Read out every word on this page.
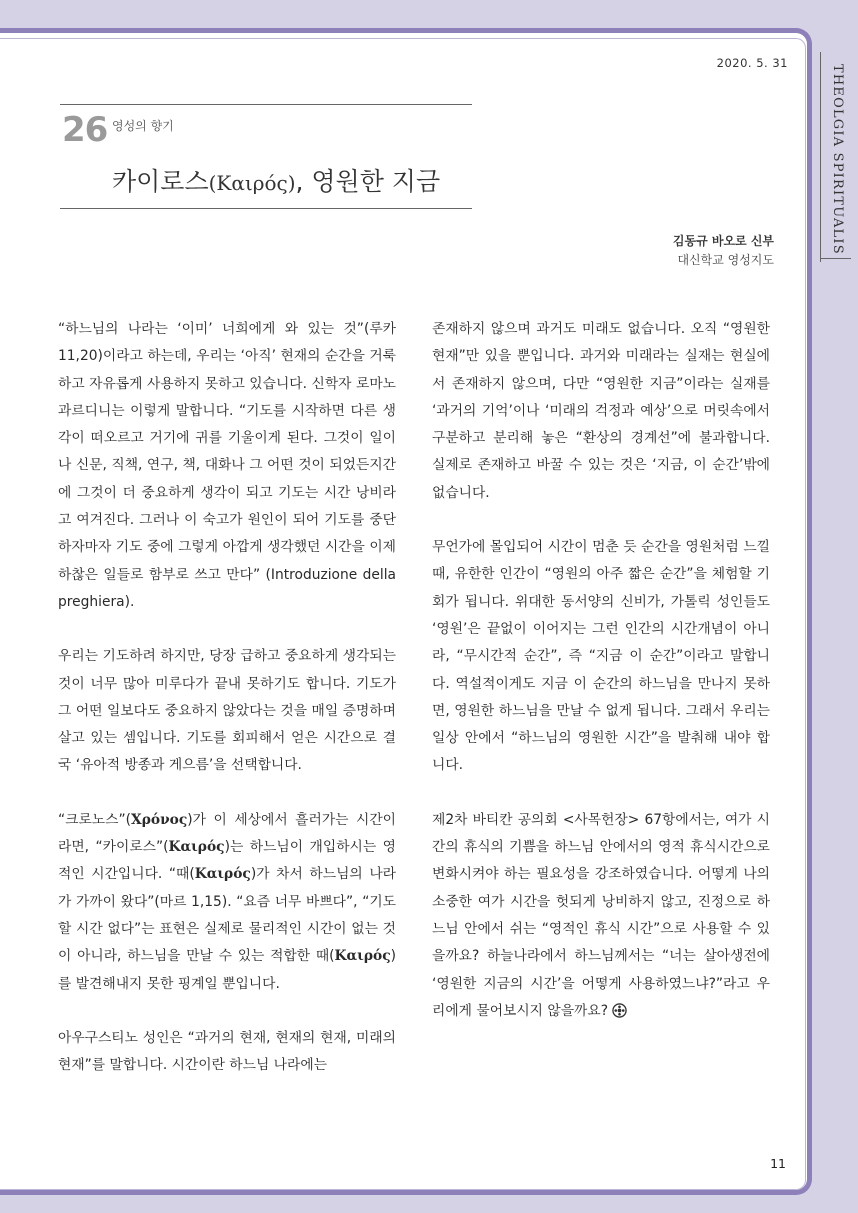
2020. 5. 31
THEOLGIA SPIRITUALIS
26 영성의 향기
카이로스(Καιρός), 영원한 지금
김동규 바오로 신부
대신학교 영성지도

“하느님의 나라는 ‘이미’ 너희에게 와 있는 것”(루카 11,20)이라고 하는데, 우리는 ‘아직’ 현재의 순간을 거룩하고 자유롭게 사용하지 못하고 있습니다. 신학자 로마노 과르디니는 이렇게 말합니다. “기도를 시작하면 다른 생각이 떠오르고 거기에 귀를 기울이게 된다. 그것이 일이나 신문, 직책, 연구, 책, 대화나 그 어떤 것이 되었든지간에 그것이 더 중요하게 생각이 되고 기도는 시간 낭비라고 여겨진다. 그러나 이 숙고가 원인이 되어 기도를 중단하자마자 기도 중에 그렇게 아깝게 생각했던 시간을 이제 하찮은 일들로 함부로 쓰고 만다” (Introduzione della preghiera).

우리는 기도하려 하지만, 당장 급하고 중요하게 생각되는 것이 너무 많아 미루다가 끝내 못하기도 합니다. 기도가 그 어떤 일보다도 중요하지 않았다는 것을 매일 증명하며 살고 있는 셈입니다. 기도를 회피해서 얻은 시간으로 결국 ‘유아적 방종과 게으름’을 선택합니다.

“크로노스”(Χρόνος)가 이 세상에서 흘러가는 시간이라면, “카이로스”(Καιρός)는 하느님이 개입하시는 영적인 시간입니다. “때(Καιρός)가 차서 하느님의 나라가 가까이 왔다”(마르 1,15). “요즘 너무 바쁘다”, “기도할 시간 없다”는 표현은 실제로 물리적인 시간이 없는 것이 아니라, 하느님을 만날 수 있는 적합한 때(Καιρός)를 발견해내지 못한 핑계일 뿐입니다.

아우구스티노 성인은 “과거의 현재, 현재의 현재, 미래의 현재”를 말합니다. 시간이란 하느님 나라에는

존재하지 않으며 과거도 미래도 없습니다. 오직 “영원한 현재”만 있을 뿐입니다. 과거와 미래라는 실재는 현실에서 존재하지 않으며, 다만 “영원한 지금”이라는 실재를 ‘과거의 기억’이나 ‘미래의 걱정과 예상’으로 머릿속에서 구분하고 분리해 놓은 “환상의 경계선”에 불과합니다. 실제로 존재하고 바꿀 수 있는 것은 ‘지금, 이 순간’밖에 없습니다.

무언가에 몰입되어 시간이 멈춘 듯 순간을 영원처럼 느낄 때, 유한한 인간이 “영원의 아주 짧은 순간”을 체험할 기회가 됩니다. 위대한 동서양의 신비가, 가톨릭 성인들도 ‘영원’은 끝없이 이어지는 그런 인간의 시간개념이 아니라, “무시간적 순간”, 즉 “지금 이 순간”이라고 말합니다. 역설적이게도 지금 이 순간의 하느님을 만나지 못하면, 영원한 하느님을 만날 수 없게 됩니다. 그래서 우리는 일상 안에서 “하느님의 영원한 시간”을 발춰해 내야 합니다.

제2차 바티칸 공의회 <사목헌장> 67항에서는, 여가 시간의 휴식의 기쁨을 하느님 안에서의 영적 휴식시간으로 변화시켜야 하는 필요성을 강조하였습니다. 어떻게 나의 소중한 여가 시간을 헛되게 낭비하지 않고, 진정으로 하느님 안에서 쉬는 “영적인 휴식 시간”으로 사용할 수 있을까요? 하늘나라에서 하느님께서는 “너는 살아생전에 ‘영원한 지금의 시간’을 어떻게 사용하였느냐?”라고 우리에게 물어보시지 않을까요?

11
